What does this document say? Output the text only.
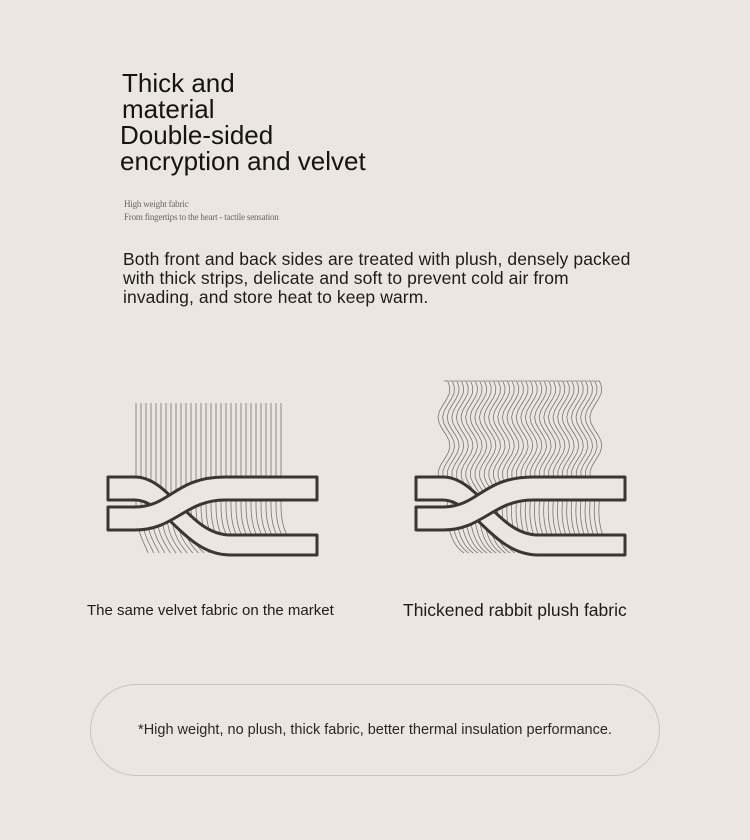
Thick and
material
Double-sided
encryption and velvet
High weight fabric
From fingertips to the heart - tactile sensation
Both front and back sides are treated with plush, densely packed with thick strips, delicate and soft to prevent cold air from invading, and store heat to keep warm.
The same velvet fabric on the market	Thickened rabbit plush fabric
*High weight, no plush, thick fabric, better thermal insulation performance.
